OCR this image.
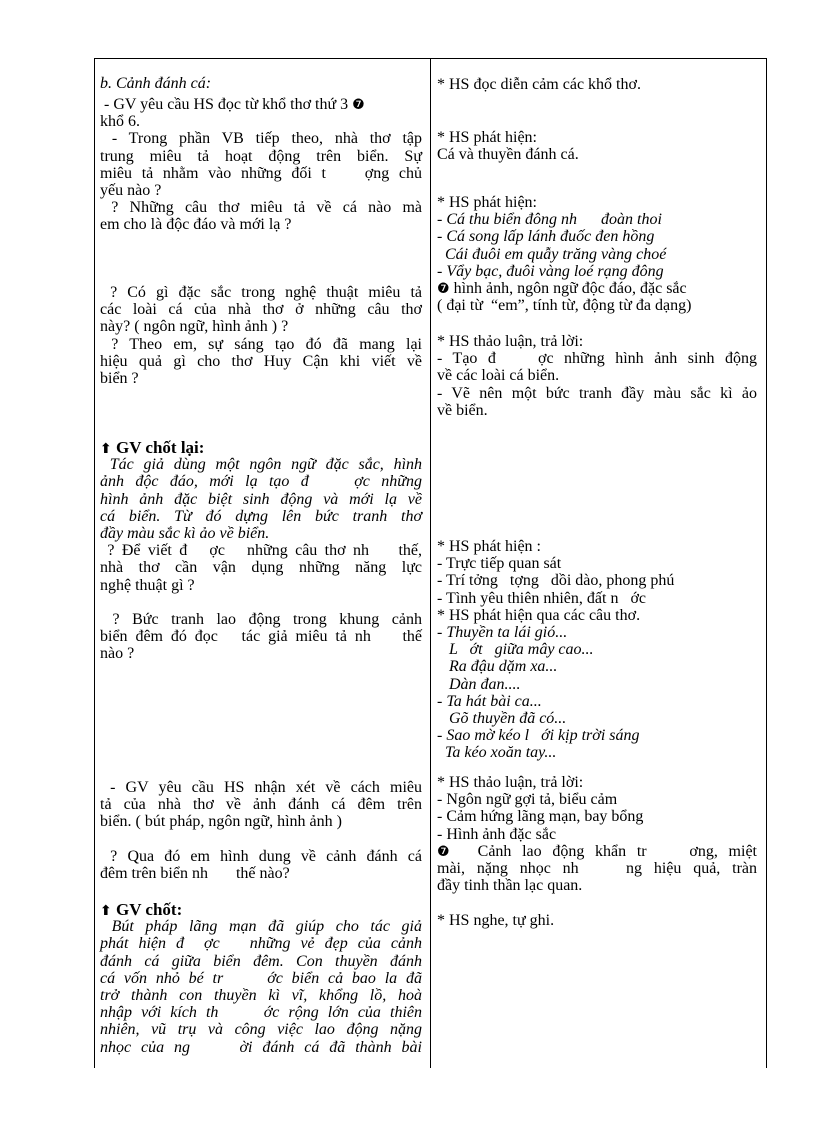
b. Cảnh đánh cá:
- GV yêu cầu HS đọc từ khổ thơ thứ 3 ❼
khổ 6.
- Trong phần VB tiếp theo, nhà thơ tập
trung miêu tả hoạt động trên biển. Sự
miêu tả nhằm vào những đối t    ợng chủ
yếu nào ?
? Những câu thơ miêu tả về cá nào mà
em cho là độc đáo và mới lạ ?
? Có gì đặc sắc trong nghệ thuật miêu tả
các loài cá của nhà thơ ở những câu thơ
này? ( ngôn ngữ, hình ảnh ) ?
? Theo em, sự sáng tạo đó đã mang lại
hiệu quả gì cho thơ Huy Cận khi viết về
biển ?
⬆ GV chốt lại:
Tác giả dùng một ngôn ngữ đặc sắc, hình
ảnh độc đáo, mới lạ tạo đ    ợc những
hình ảnh đặc biệt sinh động và mới lạ về
cá biển. Từ đó dựng lên bức tranh thơ
đầy màu sắc kì ảo về biển.
? Để viết đ   ợc   những câu thơ nh    thế,
nhà thơ cần vận dụng những năng lực
nghệ thuật gì ?
? Bức tranh lao động trong khung cảnh
biển đêm đó đọc   tác giả miêu tả nh    thế
nào ?
- GV yêu cầu HS nhận xét về cách miêu
tả của nhà thơ về ảnh đánh cá đêm trên
biển. ( bút pháp, ngôn ngữ, hình ảnh )
? Qua đó em hình dung về cảnh đánh cá
đêm trên biển nh       thế nào?
⬆ GV chốt:
Bút pháp lãng mạn đã giúp cho tác giả
phát hiện đ  ợc   những vẻ đẹp của cảnh
đánh cá giữa biển đêm. Con thuyền đánh
cá vốn nhỏ bé tr     ớc biển cả bao la đã
trở thành con thuyền kì vĩ, khổng lồ, hoà
nhập với kích th     ớc rộng lớn của thiên
nhiên, vũ trụ và công việc lao động nặng
nhọc của ng     ời đánh cá đã thành bài
* HS đọc diễn cảm các khổ thơ.
* HS phát hiện:
Cá và thuyền đánh cá.
* HS phát hiện:
- Cá thu biển đông nh      đoàn thoi
- Cá song lấp lánh đuốc đen hồng
Cái đuôi em quẫy trăng vàng choé
- Vẩy bạc, đuôi vàng loé rạng đông
❼ hình ảnh, ngôn ngữ độc đáo, đặc sắc
( đại từ  “em”, tính từ, động từ đa dạng)
* HS thảo luận, trả lời:
- Tạo đ    ợc những hình ảnh sinh động
về các loài cá biển.
- Vẽ nên một bức tranh đầy màu sắc kì ảo
về biển.
* HS phát hiện :
- Trực tiếp quan sát
- Trí tởng   tợng   dồi dào, phong phú
- Tình yêu thiên nhiên, đất n   ớc
* HS phát hiện qua các câu thơ.
- Thuyền ta lái gió...
L   ớt   giữa mây cao...
Ra đậu dặm xa...
Dàn đan....
- Ta hát bài ca...
Gõ thuyền đã có...
- Sao mờ kéo l   ới kịp trời sáng
Ta kéo xoăn tay...
* HS thảo luận, trả lời:
- Ngôn ngữ gợi tả, biểu cảm
- Cảm hứng lãng mạn, bay bổng
- Hình ảnh đặc sắc
❼  Cảnh lao động khẩn tr    ơng, miệt
mài, nặng nhọc nh    ng hiệu quả, tràn
đầy tinh thần lạc quan.
* HS nghe, tự ghi.
